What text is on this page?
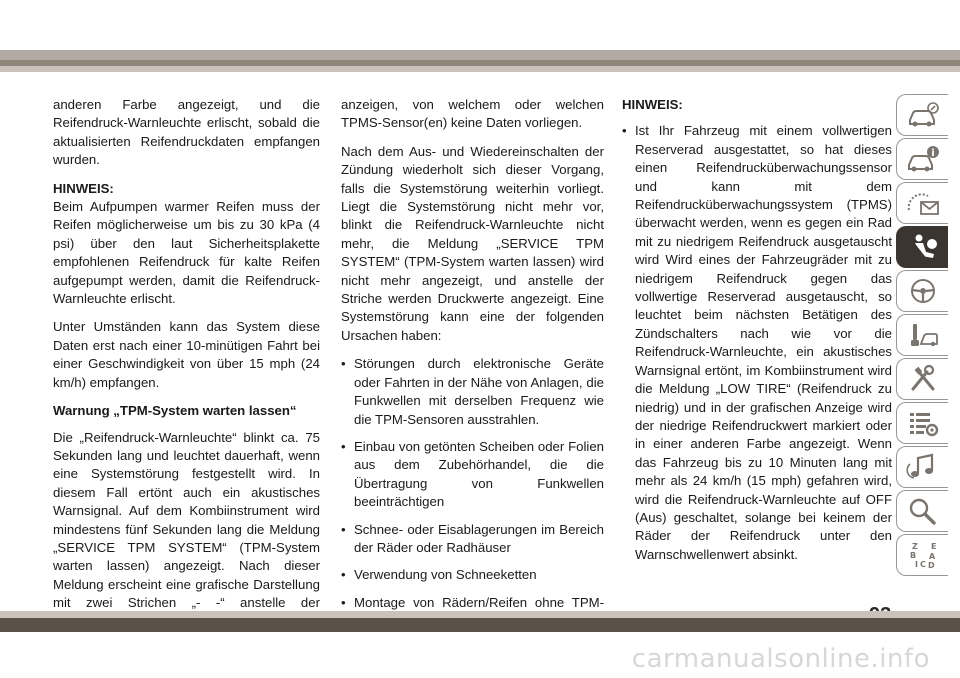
anderen Farbe angezeigt, und die Reifendruck-Warnleuchte erlischt, sobald die aktualisierten Reifendruckdaten empfangen wurden.

HINWEIS:

Beim Aufpumpen warmer Reifen muss der Reifen möglicherweise um bis zu 30 kPa (4 psi) über den laut Sicherheitsplakette empfohlenen Reifendruck für kalte Reifen aufgepumpt werden, damit die Reifendruck-Warnleuchte erlischt.

Unter Umständen kann das System diese Daten erst nach einer 10-minütigen Fahrt bei einer Geschwindigkeit von über 15 mph (24 km/h) empfangen.

Warnung „TPM-System warten lassen“

Die „Reifendruck-Warnleuchte“ blinkt ca. 75 Sekunden lang und leuchtet dauerhaft, wenn eine Systemstörung festgestellt wird. In diesem Fall ertönt auch ein akustisches Warnsignal. Auf dem Kombiinstrument wird mindestens fünf Sekunden lang die Meldung „SERVICE TPM SYSTEM“ (TPM-System warten lassen) angezeigt. Nach dieser Meldung erscheint eine grafische Darstellung mit zwei Strichen „- -“ anstelle der

anzeigen, von welchem oder welchen TPMS-Sensor(en) keine Daten vorliegen.

Nach dem Aus- und Wiedereinschalten der Zündung wiederholt sich dieser Vorgang, falls die Systemstörung weiterhin vorliegt. Liegt die Systemstörung nicht mehr vor, blinkt die Reifendruck-Warnleuchte nicht mehr, die Meldung „SERVICE TPM SYSTEM“ (TPM-System warten lassen) wird nicht mehr angezeigt, und anstelle der Striche werden Druckwerte angezeigt. Eine Systemstörung kann eine der folgenden Ursachen haben:

• Störungen durch elektronische Geräte oder Fahrten in der Nähe von Anlagen, die Funkwellen mit derselben Frequenz wie die TPM-Sensoren ausstrahlen.
• Einbau von getönten Scheiben oder Folien aus dem Zubehörhandel, die die Übertragung von Funkwellen beeinträchtigen
• Schnee- oder Eisablagerungen im Bereich der Räder oder Radhäuser
• Verwendung von Schneeketten
• Montage von Rädern/Reifen ohne TPM-

HINWEIS:

• Ist Ihr Fahrzeug mit einem vollwertigen Reserverad ausgestattet, so hat dieses einen Reifendrucküberwachungssensor und kann mit dem Reifendrucküberwachungssystem (TPMS) überwacht werden, wenn es gegen ein Rad mit zu niedrigem Reifendruck ausgetauscht wird Wird eines der Fahrzeugräder mit zu niedrigem Reifendruck gegen das vollwertige Reserverad ausgetauscht, so leuchtet beim nächsten Betätigen des Zündschalters nach wie vor die Reifendruck-Warnleuchte, ein akustisches Warnsignal ertönt, im Kombiinstrument wird die Meldung „LOW TIRE“ (Reifendruck zu niedrig) und in der grafischen Anzeige wird der niedrige Reifendruckwert markiert oder in einer anderen Farbe angezeigt. Wenn das Fahrzeug bis zu 10 Minuten lang mit mehr als 24 km/h (15 mph) gefahren wird, wird die Reifendruck-Warnleuchte auf OFF (Aus) geschaltet, solange bei keinem der Räder der Reifendruck unter den Warnschwellenwert absinkt.
i
Z E
B A
I C D
carmanualsonline.info
